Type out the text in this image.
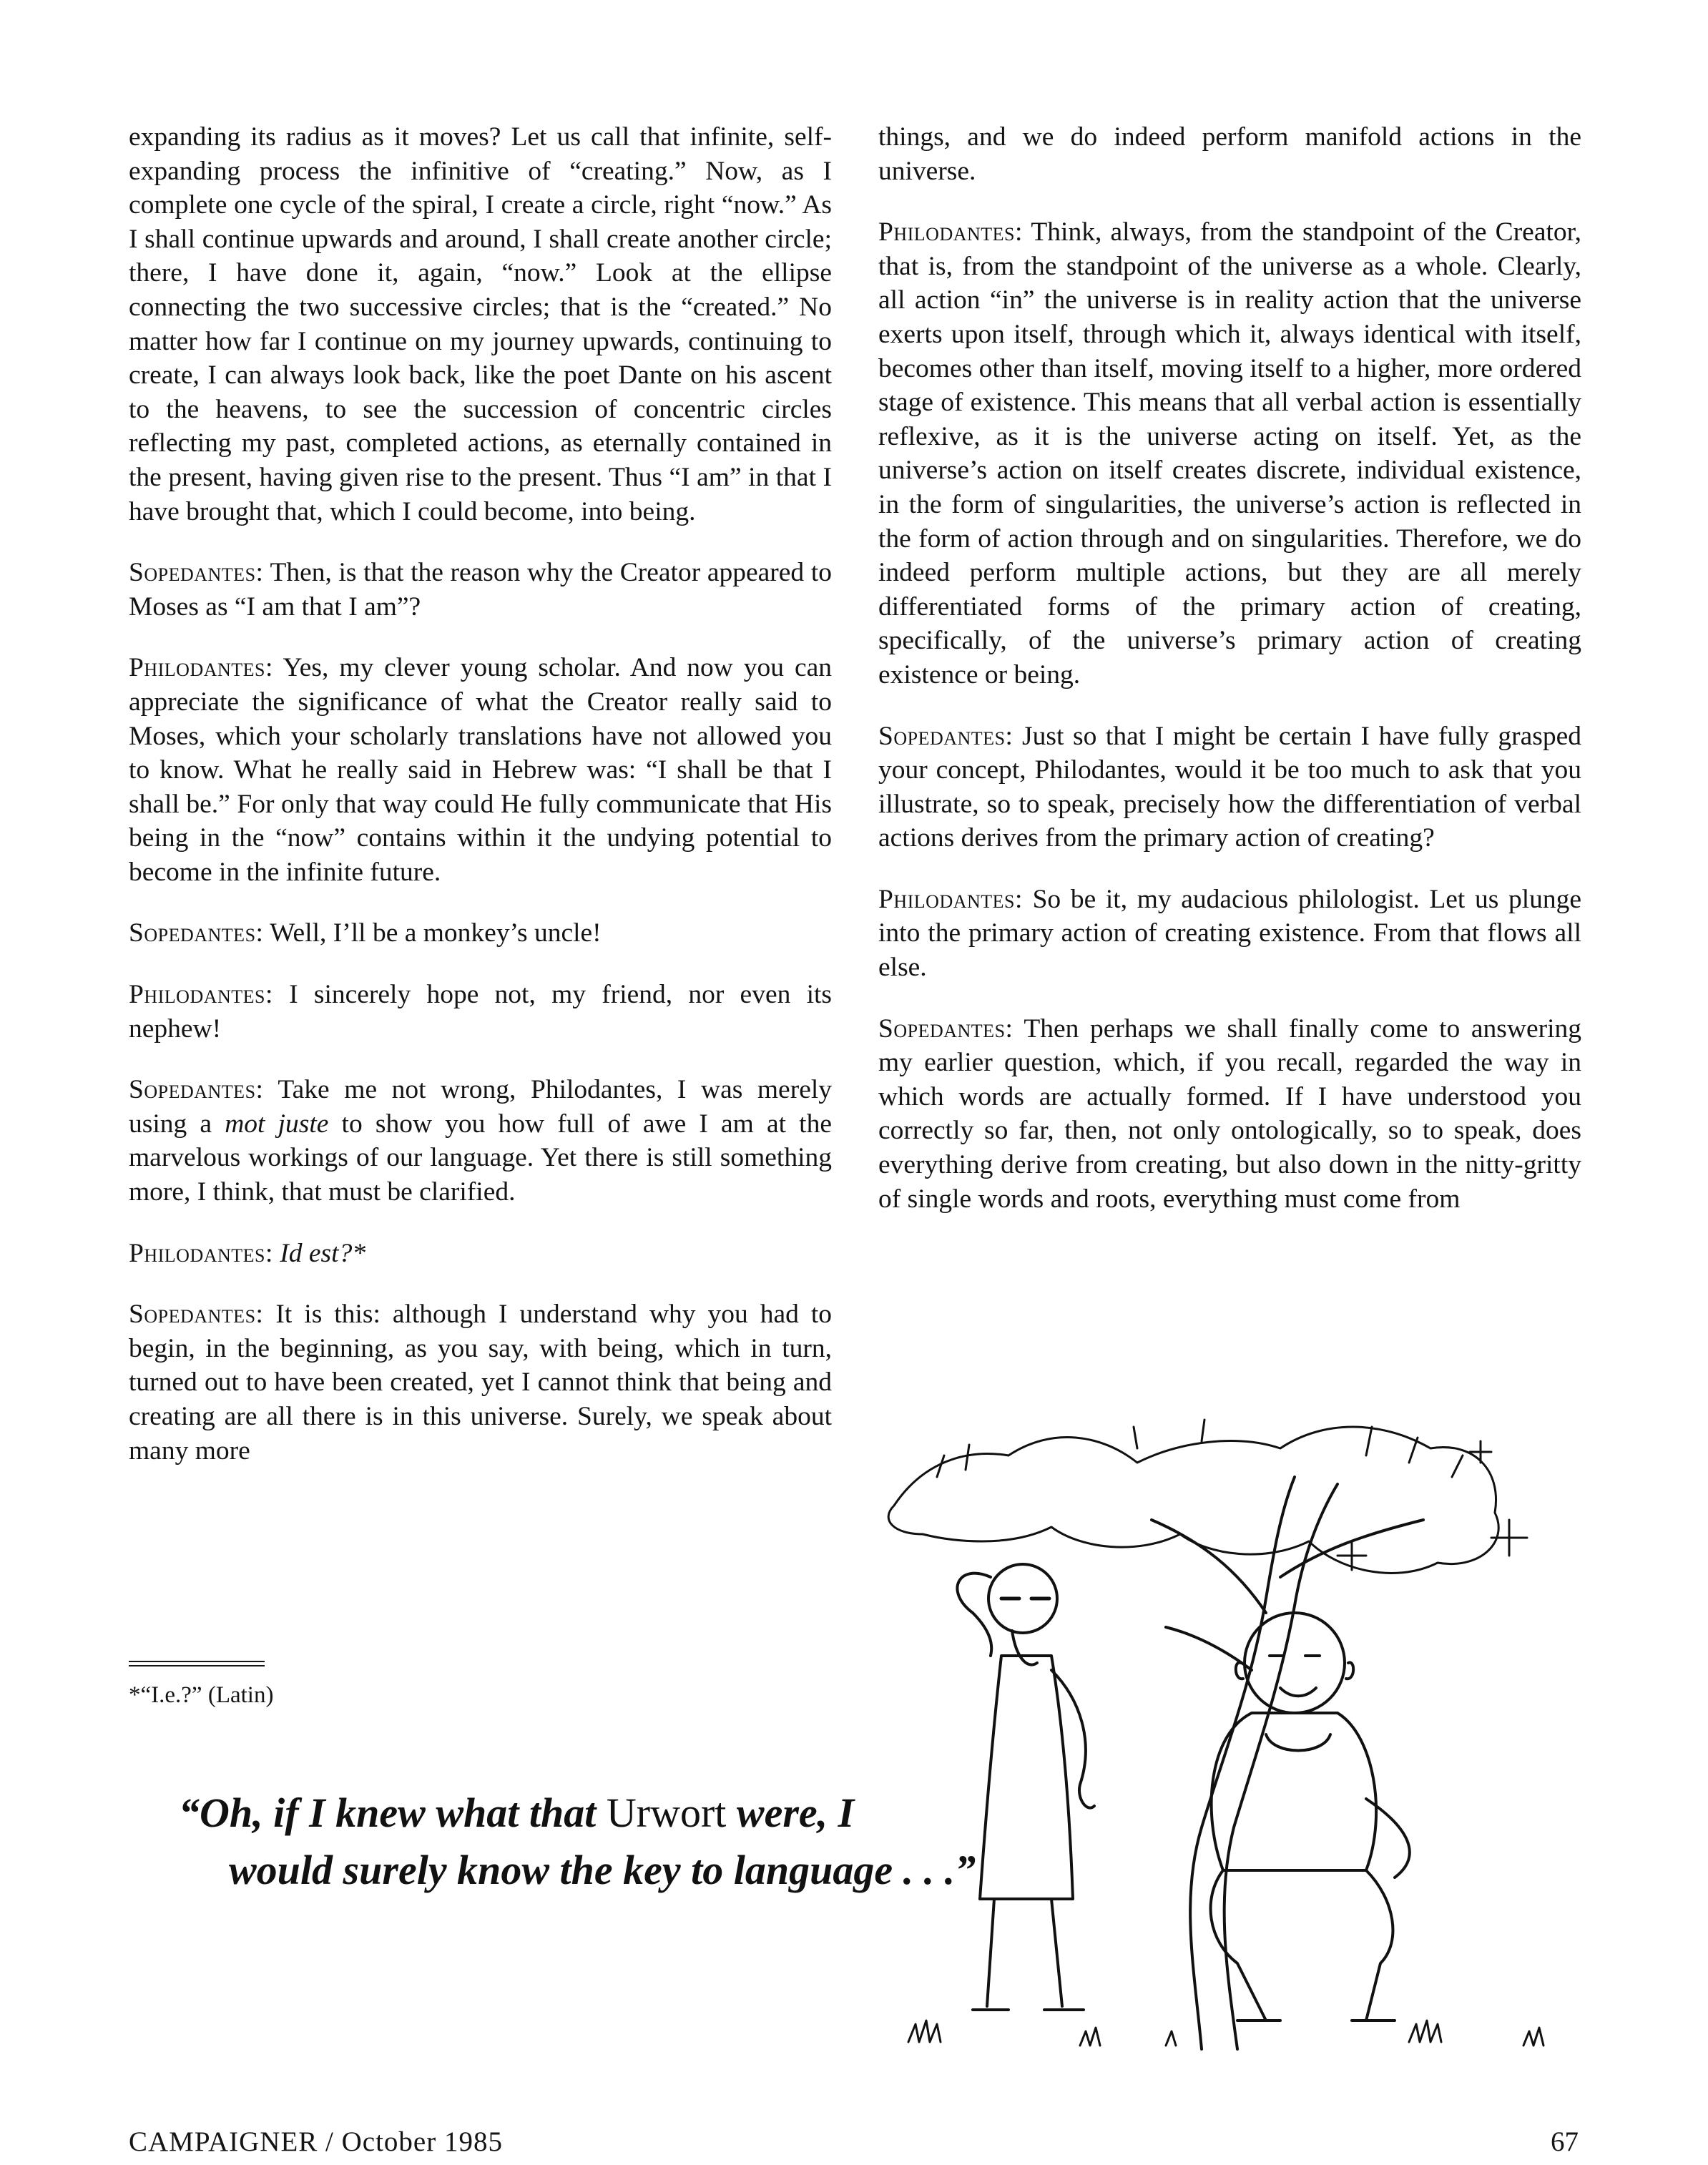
expanding its radius as it moves? Let us call that infinite, self-expanding process the infinitive of “creating.” Now, as I complete one cycle of the spiral, I create a circle, right “now.” As I shall continue upwards and around, I shall create another circle; there, I have done it, again, “now.” Look at the ellipse connecting the two successive circles; that is the “created.” No matter how far I continue on my journey upwards, continuing to create, I can always look back, like the poet Dante on his ascent to the heavens, to see the succession of concentric circles reflecting my past, completed actions, as eternally contained in the present, having given rise to the present. Thus “I am” in that I have brought that, which I could become, into being.

Sopedantes: Then, is that the reason why the Creator appeared to Moses as “I am that I am”?

Philodantes: Yes, my clever young scholar. And now you can appreciate the significance of what the Creator really said to Moses, which your scholarly translations have not allowed you to know. What he really said in Hebrew was: “I shall be that I shall be.” For only that way could He fully communicate that His being in the “now” contains within it the undying potential to become in the infinite future.

Sopedantes: Well, I’ll be a monkey’s uncle!

Philodantes: I sincerely hope not, my friend, nor even its nephew!

Sopedantes: Take me not wrong, Philodantes, I was merely using a mot juste to show you how full of awe I am at the marvelous workings of our language. Yet there is still something more, I think, that must be clarified.

Philodantes: Id est?*

Sopedantes: It is this: although I understand why you had to begin, in the beginning, as you say, with being, which in turn, turned out to have been created, yet I cannot think that being and creating are all there is in this universe. Surely, we speak about many more

things, and we do indeed perform manifold actions in the universe.

Philodantes: Think, always, from the standpoint of the Creator, that is, from the standpoint of the universe as a whole. Clearly, all action “in” the universe is in reality action that the universe exerts upon itself, through which it, always identical with itself, becomes other than itself, moving itself to a higher, more ordered stage of existence. This means that all verbal action is essentially reflexive, as it is the universe acting on itself. Yet, as the universe’s action on itself creates discrete, individual existence, in the form of singularities, the universe’s action is reflected in the form of action through and on singularities. Therefore, we do indeed perform multiple actions, but they are all merely differentiated forms of the primary action of creating, specifically, of the universe’s primary action of creating existence or being.

Sopedantes: Just so that I might be certain I have fully grasped your concept, Philodantes, would it be too much to ask that you illustrate, so to speak, precisely how the differentiation of verbal actions derives from the primary action of creating?

Philodantes: So be it, my audacious philologist. Let us plunge into the primary action of creating existence. From that flows all else.

Sopedantes: Then perhaps we shall finally come to answering my earlier question, which, if you recall, regarded the way in which words are actually formed. If I have understood you correctly so far, then, not only ontologically, so to speak, does everything derive from creating, but also down in the nitty-gritty of single words and roots, everything must come from

*“I.e.?” (Latin)
“Oh, if I knew what that Urwort were, I
would surely know the key to language . . .”
CAMPAIGNER / October 1985	67
